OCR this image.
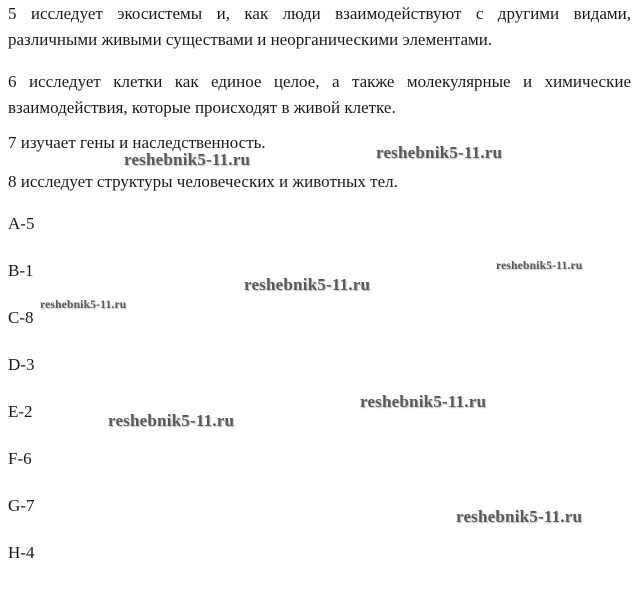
5 исследует экосистемы и, как люди взаимодействуют с другими видами, различными живыми существами и неорганическими элементами.

6 исследует клетки как единое целое, а также молекулярные и химические взаимодействия, которые происходят в живой клетке.

7 изучает гены и наследственность.

8 исследует структуры человеческих и животных тел.

A-5
B-1
C-8
D-3
E-2
F-6
G-7
H-4
reshebnik5-11.ru	reshebnik5-11.ru
reshebnik5-11.ru
reshebnik5-11.ru
reshebnik5-11.ru
reshebnik5-11.ru
reshebnik5-11.ru
reshebnik5-11.ru
